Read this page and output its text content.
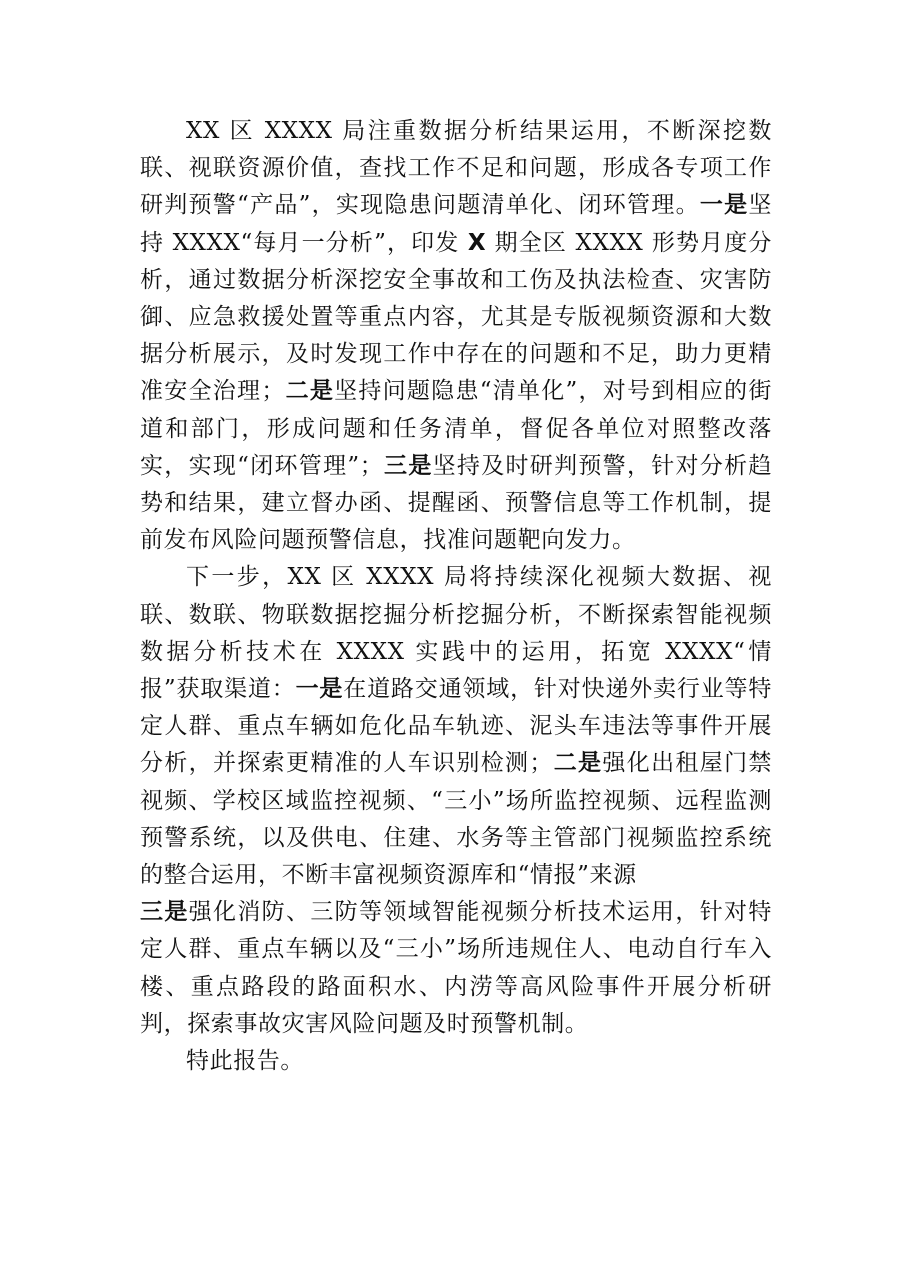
XX 区 XXXX 局注重数据分析结果运用，不断深挖数联、视联资源价值，查找工作不足和问题，形成各专项工作研判预警“产品”，实现隐患问题清单化、闭环管理。一是坚持 XXXX“每月一分析”，印发 X 期全区 XXXX 形势月度分析，通过数据分析深挖安全事故和工伤及执法检查、灾害防御、应急救援处置等重点内容，尤其是专版视频资源和大数据分析展示，及时发现工作中存在的问题和不足，助力更精准安全治理；二是坚持问题隐患“清单化”，对号到相应的街道和部门，形成问题和任务清单，督促各单位对照整改落实，实现“闭环管理”；三是坚持及时研判预警，针对分析趋势和结果，建立督办函、提醒函、预警信息等工作机制，提前发布风险问题预警信息，找准问题靶向发力。

下一步，XX 区 XXXX 局将持续深化视频大数据、视联、数联、物联数据挖掘分析挖掘分析，不断探索智能视频数据分析技术在 XXXX 实践中的运用，拓宽 XXXX“情报”获取渠道：一是在道路交通领域，针对快递外卖行业等特定人群、重点车辆如危化品车轨迹、泥头车违法等事件开展分析，并探索更精准的人车识别检测；二是强化出租屋门禁视频、学校区域监控视频、“三小”场所监控视频、远程监测预警系统，以及供电、住建、水务等主管部门视频监控系统的整合运用，不断丰富视频资源库和“情报”来源
三是强化消防、三防等领域智能视频分析技术运用，针对特定人群、重点车辆以及“三小”场所违规住人、电动自行车入楼、重点路段的路面积水、内涝等高风险事件开展分析研判，探索事故灾害风险问题及时预警机制。

特此报告。
